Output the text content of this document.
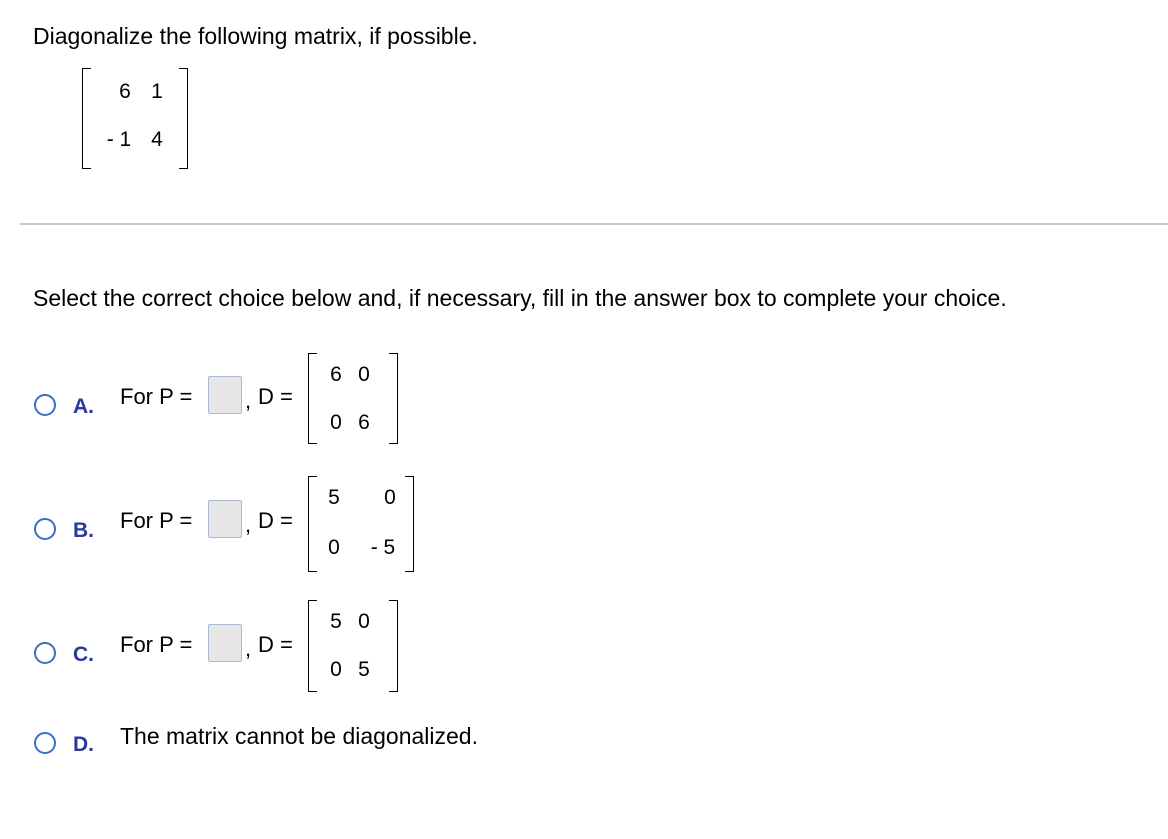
Diagonalize the following matrix, if possible.
6 1
- 1 4
Select the correct choice below and, if necessary, fill in the answer box to complete your choice.
A. For P = , D =
6 0
0 6
B. For P = , D =
5 0
0	- 5
C. For P = , D =
5 0
0 5
D. The matrix cannot be diagonalized.
